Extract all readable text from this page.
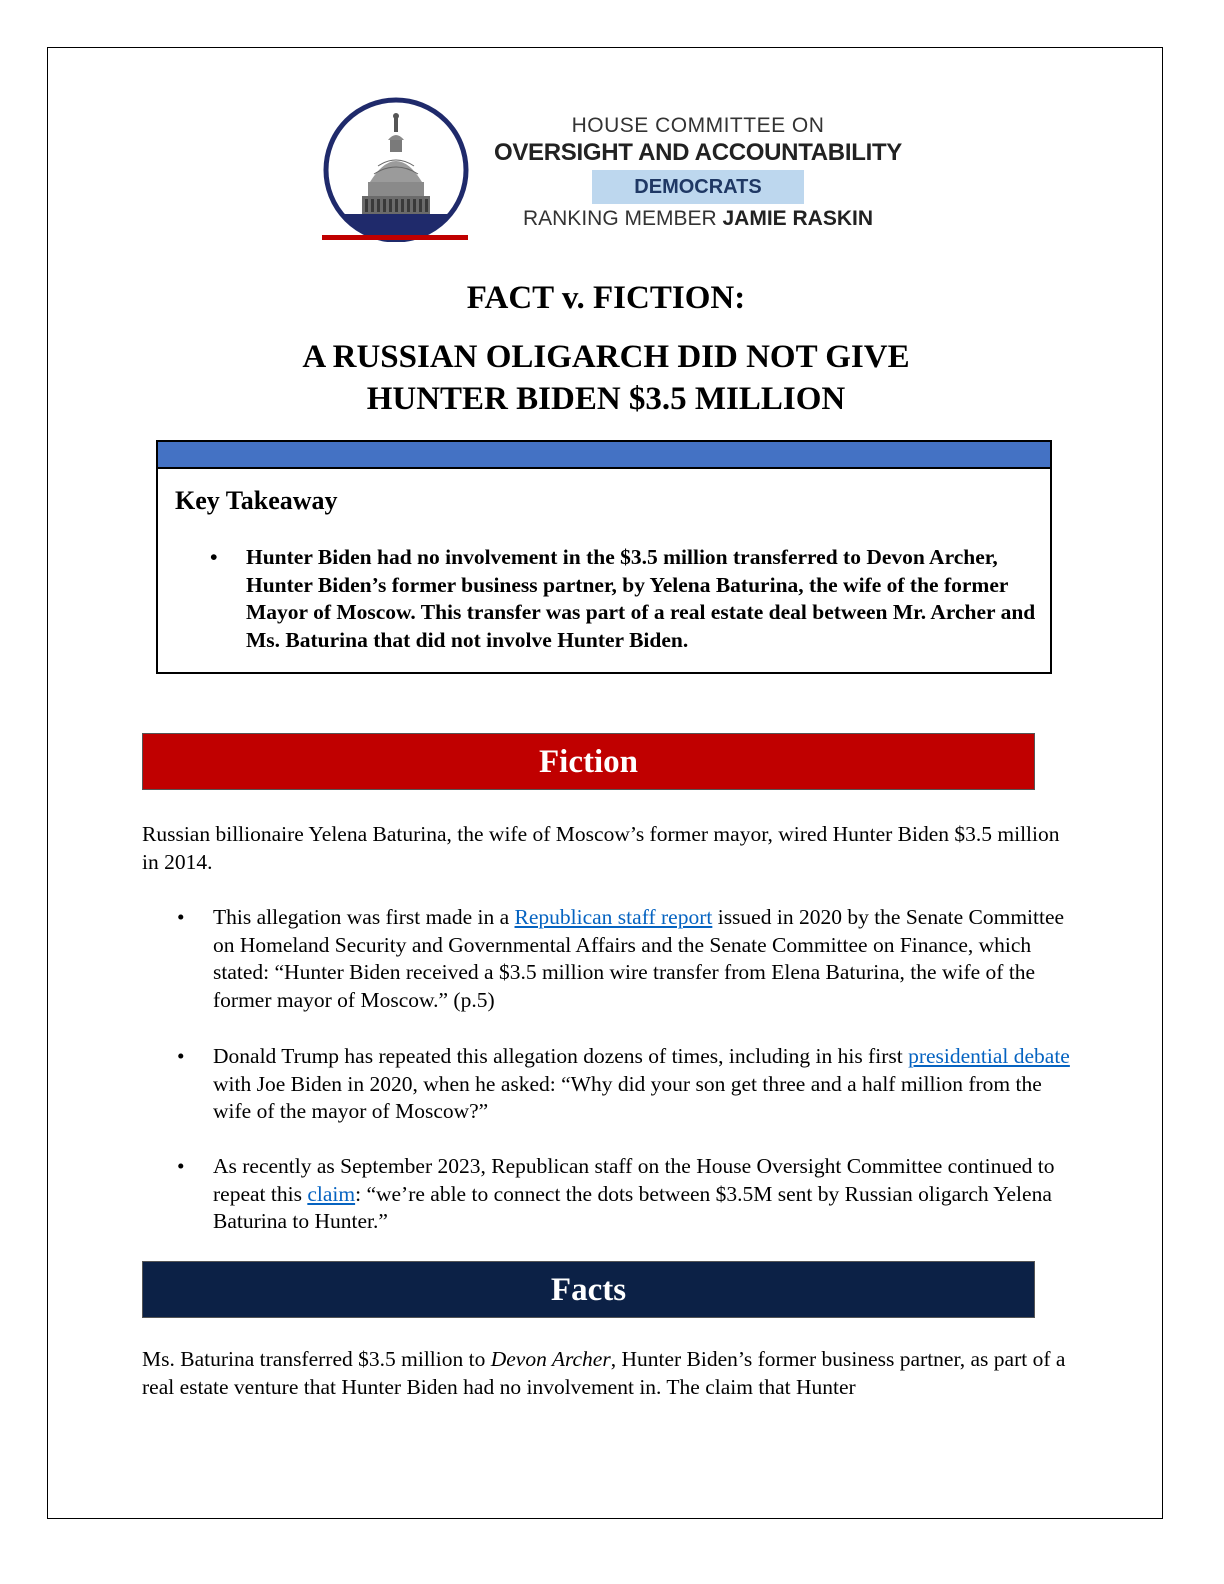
HOUSE COMMITTEE ON
OVERSIGHT AND ACCOUNTABILITY
DEMOCRATS
RANKING MEMBER JAMIE RASKIN
FACT v. FICTION:
A RUSSIAN OLIGARCH DID NOT GIVE
HUNTER BIDEN $3.5 MILLION
Key Takeaway
• Hunter Biden had no involvement in the $3.5 million transferred to Devon Archer, Hunter Biden’s former business partner, by Yelena Baturina, the wife of the former Mayor of Moscow. This transfer was part of a real estate deal between Mr. Archer and Ms. Baturina that did not involve Hunter Biden.
Fiction
Russian billionaire Yelena Baturina, the wife of Moscow’s former mayor, wired Hunter Biden $3.5 million in 2014.
• This allegation was first made in a Republican staff report issued in 2020 by the Senate Committee on Homeland Security and Governmental Affairs and the Senate Committee on Finance, which stated: “Hunter Biden received a $3.5 million wire transfer from Elena Baturina, the wife of the former mayor of Moscow.” (p.5)
• Donald Trump has repeated this allegation dozens of times, including in his first presidential debate with Joe Biden in 2020, when he asked: “Why did your son get three and a half million from the wife of the mayor of Moscow?”
• As recently as September 2023, Republican staff on the House Oversight Committee continued to repeat this claim: “we’re able to connect the dots between $3.5M sent by Russian oligarch Yelena Baturina to Hunter.”
Facts
Ms. Baturina transferred $3.5 million to Devon Archer, Hunter Biden’s former business partner, as part of a real estate venture that Hunter Biden had no involvement in. The claim that Hunter
